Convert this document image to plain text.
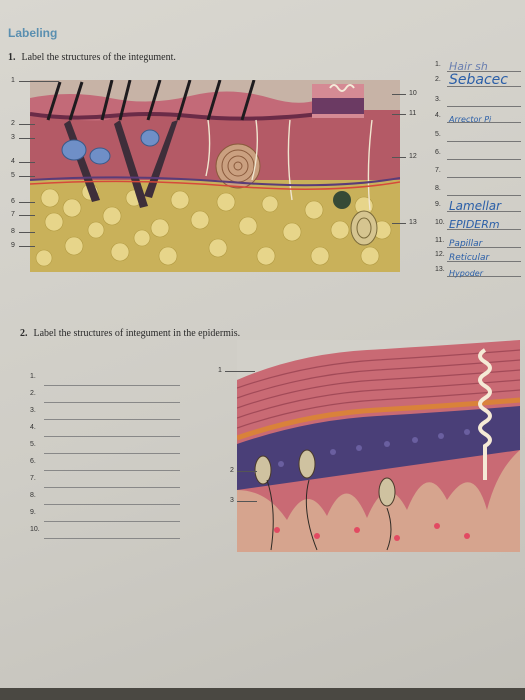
Labeling
1. Label the structures of the integument.
1
2
3
4
5
6
7
8
9
10
11
12
13
1. Hair sh
2. Sebacec
3.
4. Arrector Pi
5.
6.
7.
8.
9. Lamellar
10. EPIDERm
11. Papillar
12. Reticular
13. Hypoder
2. Label the structures of integument in the epidermis.
1.
2.
3.
4.
5.
6.
7.
8.
9.
10.
1
2
3
